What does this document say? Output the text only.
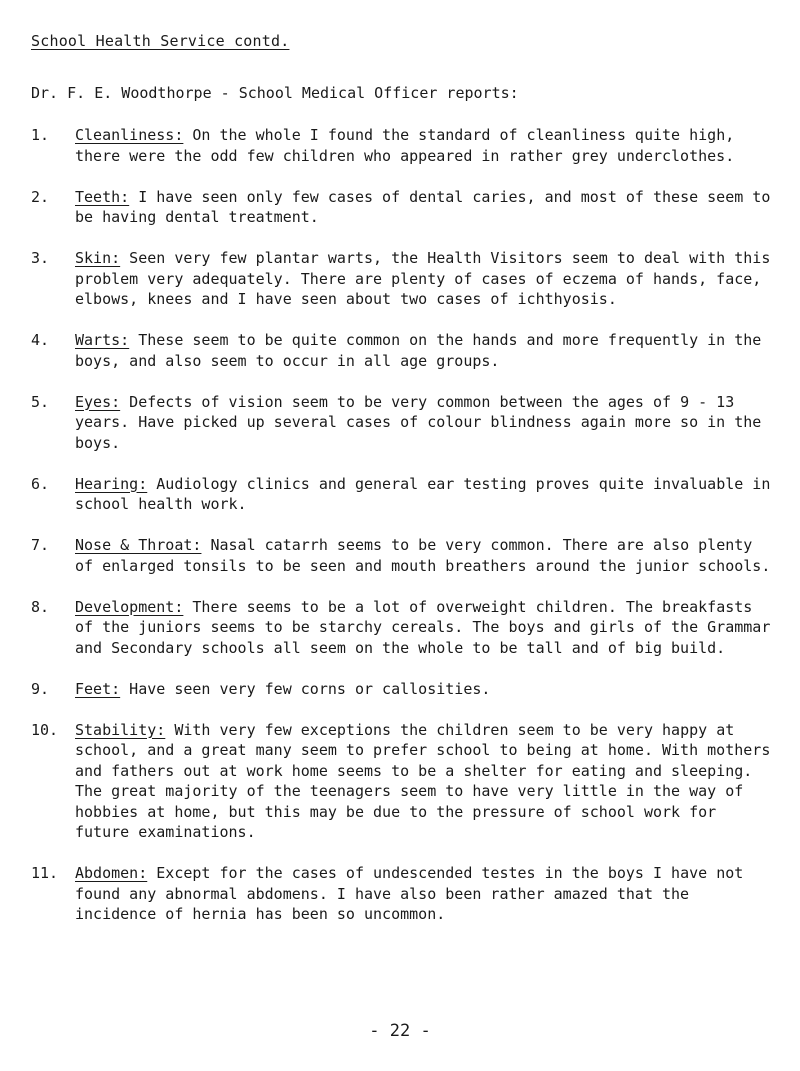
School Health Service contd.
Dr. F. E. Woodthorpe - School Medical Officer reports:
1. Cleanliness: On the whole I found the standard of cleanliness quite high, there were the odd few children who appeared in rather grey underclothes.
2. Teeth: I have seen only few cases of dental caries, and most of these seem to be having dental treatment.
3. Skin: Seen very few plantar warts, the Health Visitors seem to deal with this problem very adequately. There are plenty of cases of eczema of hands, face, elbows, knees and I have seen about two cases of ichthyosis.
4. Warts: These seem to be quite common on the hands and more frequently in the boys, and also seem to occur in all age groups.
5. Eyes: Defects of vision seem to be very common between the ages of 9 - 13 years. Have picked up several cases of colour blindness again more so in the boys.
6. Hearing: Audiology clinics and general ear testing proves quite invaluable in school health work.
7. Nose & Throat: Nasal catarrh seems to be very common. There are also plenty of enlarged tonsils to be seen and mouth breathers around the junior schools.
8. Development: There seems to be a lot of overweight children. The breakfasts of the juniors seems to be starchy cereals. The boys and girls of the Grammar and Secondary schools all seem on the whole to be tall and of big build.
9. Feet: Have seen very few corns or callosities.
10. Stability: With very few exceptions the children seem to be very happy at school, and a great many seem to prefer school to being at home. With mothers and fathers out at work home seems to be a shelter for eating and sleeping. The great majority of the teenagers seem to have very little in the way of hobbies at home, but this may be due to the pressure of school work for future examinations.
11. Abdomen: Except for the cases of undescended testes in the boys I have not found any abnormal abdomens. I have also been rather amazed that the incidence of hernia has been so uncommon.
- 22 -
